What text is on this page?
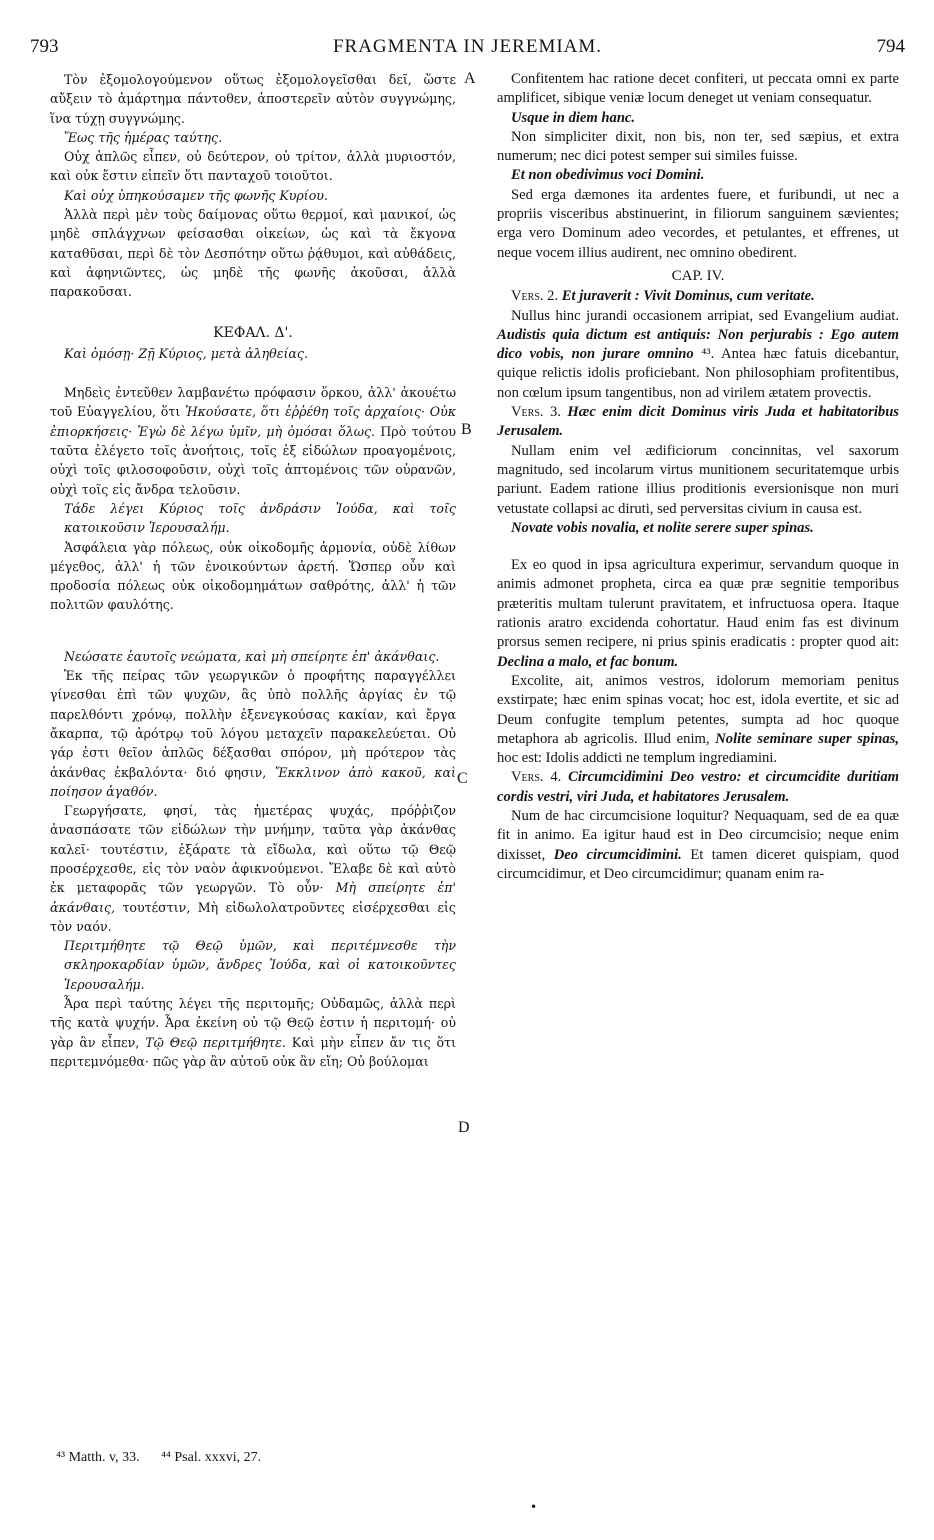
793	FRAGMENTA IN JEREMIAM.	794
A
B
C
D

Τὸν ἐξομολογούμενον οὕτως ἐξομολογεῖσθαι δεῖ, ὥστε αὔξειν τὸ ἁμάρτημα πάντοθεν, ἀποστερεῖν αὐτὸν συγγνώμης, ἵνα τύχῃ συγγνώμης.

Ἕως τῆς ἡμέρας ταύτης.

Οὐχ ἁπλῶς εἶπεν, οὐ δεύτερον, οὐ τρίτον, ἀλλὰ μυριοστόν, καὶ οὐκ ἔστιν εἰπεῖν ὅτι πανταχοῦ τοιοῦτοι.

Καὶ οὐχ ὑπηκούσαμεν τῆς φωνῆς Κυρίου.

Ἀλλὰ περὶ μὲν τοὺς δαίμονας οὕτω θερμοί, καὶ μανικοί, ὡς μηδὲ σπλάγχνων φείσασθαι οἰκείων, ὡς καὶ τὰ ἔκγονα καταθῦσαι, περὶ δὲ τὸν Δεσπότην οὕτω ῥᾴθυμοι, καὶ αὐθάδεις, καὶ ἀφηνιῶντες, ὡς μηδὲ τῆς φωνῆς ἀκοῦσαι, ἀλλὰ παρακοῦσαι.

ΚΕΦΑΛ. Δ'.

Καὶ ὀμόσῃ· Ζῇ Κύριος, μετὰ ἀληθείας.

Μηδεὶς ἐντεῦθεν λαμβανέτω πρόφασιν ὅρκου, ἀλλ' ἀκουέτω τοῦ Εὐαγγελίου, ὅτι Ἠκούσατε, ὅτι ἐῤῥέθη τοῖς ἀρχαίοις· Οὐκ ἐπιορκήσεις· Ἐγὼ δὲ λέγω ὑμῖν, μὴ ὀμόσαι ὅλως. Πρὸ τούτου ταῦτα ἐλέγετο τοῖς ἀνοήτοις, τοῖς ἐξ εἰδώλων προαγομένοις, οὐχὶ τοῖς φιλοσοφοῦσιν, οὐχὶ τοῖς ἁπτομένοις τῶν οὐρανῶν, οὐχὶ τοῖς εἰς ἄνδρα τελοῦσιν.

Τάδε λέγει Κύριος τοῖς ἀνδράσιν Ἰούδα, καὶ τοῖς κατοικοῦσιν Ἱερουσαλήμ.

Ἀσφάλεια γὰρ πόλεως, οὐκ οἰκοδομῆς ἁρμονία, οὐδὲ λίθων μέγεθος, ἀλλ' ἡ τῶν ἐνοικούντων ἀρετή. Ὥσπερ οὖν καὶ προδοσία πόλεως οὐκ οἰκοδομημάτων σαθρότης, ἀλλ' ἡ τῶν πολιτῶν φαυλότης.

Νεώσατε ἑαυτοῖς νεώματα, καὶ μὴ σπείρητε ἐπ' ἀκάνθαις.

Ἐκ τῆς πείρας τῶν γεωργικῶν ὁ προφήτης παραγγέλλει γίνεσθαι ἐπὶ τῶν ψυχῶν, ἃς ὑπὸ πολλῆς ἀργίας ἐν τῷ παρελθόντι χρόνῳ, πολλὴν ἐξενεγκούσας κακίαν, καὶ ἔργα ἄκαρπα, τῷ ἀρότρῳ τοῦ λόγου μεταχεῖν παρακελεύεται. Οὐ γάρ ἐστι θεῖον ἁπλῶς δέξασθαι σπόρον, μὴ πρότερον τὰς ἀκάνθας ἐκβαλόντα· διό φησιν, Ἔκκλινον ἀπὸ κακοῦ, καὶ ποίησον ἀγαθόν.

Γεωργήσατε, φησί, τὰς ἡμετέρας ψυχάς, πρόῤῥιζον ἀνασπάσατε τῶν εἰδώλων τὴν μνήμην, ταῦτα γὰρ ἀκάνθας καλεῖ· τουτέστιν, ἐξάρατε τὰ εἴδωλα, καὶ οὕτω τῷ Θεῷ προσέρχεσθε, εἰς τὸν ναὸν ἀφικνούμενοι. Ἔλαβε δὲ καὶ αὐτὸ ἐκ μεταφορᾶς τῶν γεωργῶν. Τὸ οὖν· Μὴ σπείρητε ἐπ' ἀκάνθαις, τουτέστιν, Μὴ εἰδωλολατροῦντες εἰσέρχεσθαι εἰς τὸν ναόν.

Περιτμήθητε τῷ Θεῷ ὑμῶν, καὶ περιτέμνεσθε τὴν σκληροκαρδίαν ὑμῶν, ἄνδρες Ἰούδα, καὶ οἱ κατοικοῦντες Ἱερουσαλήμ.

Ἆρα περὶ ταύτης λέγει τῆς περιτομῆς; Οὐδαμῶς, ἀλλὰ περὶ τῆς κατὰ ψυχήν. Ἆρα ἐκείνη οὐ τῷ Θεῷ ἐστιν ἡ περιτομή· οὐ γὰρ ἂν εἶπεν, Τῷ Θεῷ περιτμήθητε. Καὶ μὴν εἶπεν ἄν τις ὅτι περιτεμνόμεθα· πῶς γὰρ ἂν αὐτοῦ οὐκ ἂν εἴη; Οὐ βούλομαι

Confitentem hac ratione decet confiteri, ut peccata omni ex parte amplificet, sibique veniæ locum deneget ut veniam consequatur.

Usque in diem hanc.

Non simpliciter dixit, non bis, non ter, sed sæpius, et extra numerum; nec dici potest semper sui similes fuisse.

Et non obedivimus voci Domini.

Sed erga dæmones ita ardentes fuere, et furibundi, ut nec a propriis visceribus abstinuerint, in filiorum sanguinem sævientes; erga vero Dominum adeo vecordes, et petulantes, et effrenes, ut neque vocem illius audirent, nec omnino obedirent.

CAP. IV.

Vers. 2. Et juraverit : Vivit Dominus, cum veritate.

Nullus hinc jurandi occasionem arripiat, sed Evangelium audiat. Audistis quia dictum est antiquis: Non perjurabis : Ego autem dico vobis, non jurare omnino ⁴³. Antea hæc fatuis dicebantur, quique relictis idolis proficiebant. Non philosophiam profitentibus, non cœlum ipsum tangentibus, non ad virilem ætatem provectis.

Vers. 3. Hæc enim dicit Dominus viris Juda et habitatoribus Jerusalem.

Nullam enim vel ædificiorum concinnitas, vel saxorum magnitudo, sed incolarum virtus munitionem securitatemque urbis pariunt. Eadem ratione illius proditionis eversionisque non muri vetustate collapsi ac diruti, sed perversitas civium in causa est.

Novate vobis novalia, et nolite serere super spinas.

Ex eo quod in ipsa agricultura experimur, servandum quoque in animis admonet propheta, circa ea quæ præ segnitie temporibus præteritis multam tulerunt pravitatem, et infructuosa opera. Itaque rationis aratro excidenda cohortatur. Haud enim fas est divinum prorsus semen recipere, ni prius spinis eradicatis : propter quod ait: Declina a malo, et fac bonum.

Excolite, ait, animos vestros, idolorum memoriam penitus exstirpate; hæc enim spinas vocat; hoc est, idola evertite, et sic ad Deum confugite templum petentes, sumpta ad hoc quoque metaphora ab agricolis. Illud enim, Nolite seminare super spinas, hoc est: Idolis addicti ne templum ingrediamini.

Vers. 4. Circumcidimini Deo vestro: et circumcidite duritiam cordis vestri, viri Juda, et habitatores Jerusalem.

Num de hac circumcisione loquitur? Nequaquam, sed de ea quæ fit in animo. Ea igitur haud est in Deo circumcisio; neque enim dixisset, Deo circumcidimini. Et tamen diceret quispiam, quod circumcidimur, et Deo circumcidimur; quanam enim ra-

⁴³ Matth. v, 33. ⁴⁴ Psal. xxxvi, 27.
•
